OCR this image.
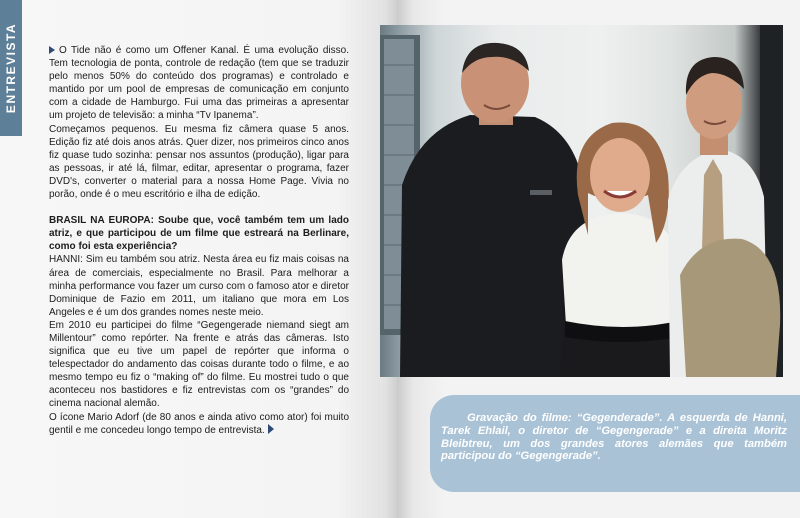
ENTREVISTA	O Tide não é como um Offener Kanal. É uma evolução disso. Tem tecnologia de ponta, controle de redação (tem que se traduzir pelo menos 50% do conteúdo dos programas) e controlado e mantido por um pool de empresas de comunicação em conjunto com a cidade de Hamburgo. Fui uma das primeiras a apresentar um projeto de televisão: a minha “Tv Ipanema”.

Começamos pequenos. Eu mesma fiz câmera quase 5 anos. Edição fiz até dois anos atrás. Quer dizer, nos primeiros cinco anos fiz quase tudo sozinha: pensar nos assuntos (produção), ligar para as pessoas, ir até lá, filmar, editar, apresentar o programa, fazer DVD's, converter o material para a nossa Home Page. Vivia no porão, onde é o meu escritório e ilha de edição.

BRASIL NA EUROPA: Soube que, você também tem um lado atriz, e que participou de um filme que estreará na Berlinare, como foi esta experiência?

HANNI: Sim eu também sou atriz. Nesta área eu fiz mais coisas na área de comerciais, especialmente no Brasil. Para melhorar a minha performance vou fazer um curso com o famoso ator e diretor Dominique de Fazio em 2011, um italiano que mora em Los Angeles e é um dos grandes nomes neste meio.

Em 2010 eu participei do filme “Gegengerade niemand siegt am Millentour” como repórter. Na frente e atrás das câmeras. Isto significa que eu tive um papel de repórter que informa o telespectador do andamento das coisas durante todo o filme, e ao mesmo tempo eu fiz o “making of” do filme. Eu mostrei tudo o que aconteceu nos bastidores e fiz entrevistas com os “grandes” do cinema nacional alemão.

O ícone Mario Adorf (de 80 anos e ainda ativo como ator) foi muito gentil e me concedeu longo tempo de entrevista.

Gravação do filme: “Gegenderade”. A esquerda de Hanni, Tarek Ehlail, o diretor de “Gegengerade” e a direita Moritz Bleibtreu, um dos grandes atores alemães que também participou do “Gegengerade”.
